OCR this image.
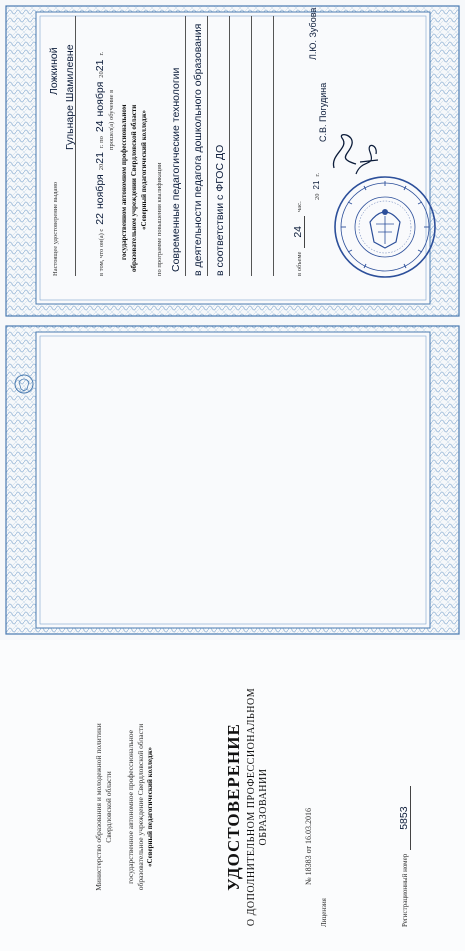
Настоящее удостоверение выдано
Ложкиной Гульнаре Шамилевне
в том, что он(а) с 22 ноября 2021 г. по 24 ноября 2021 г.
прошел(а) обучение в государственном автономном профессиональном образовательном учреждении Свердловской области «Северный педагогический колледж» по программе повышения квалификации Современные педагогические технологии в деятельности педагога дошкольного образования в соответствии с ФГОС ДО	в объеме 24 час.
Л.Ю. Зубова
С.В. Погудина
20 21 г.
Министерство образования и молодежной политики Свердловской области государственное автономное профессиональное образовательное учреждение Свердловской области «Северный педагогический колледж»	УДОСТОВЕРЕНИЕ О ДОПОЛНИТЕЛЬНОМ ПРОФЕССИОНАЛЬНОМ ОБРАЗОВАНИИ
№ 18383 от 16.03.2016
Лицензия	Регистрационный номер 5853
